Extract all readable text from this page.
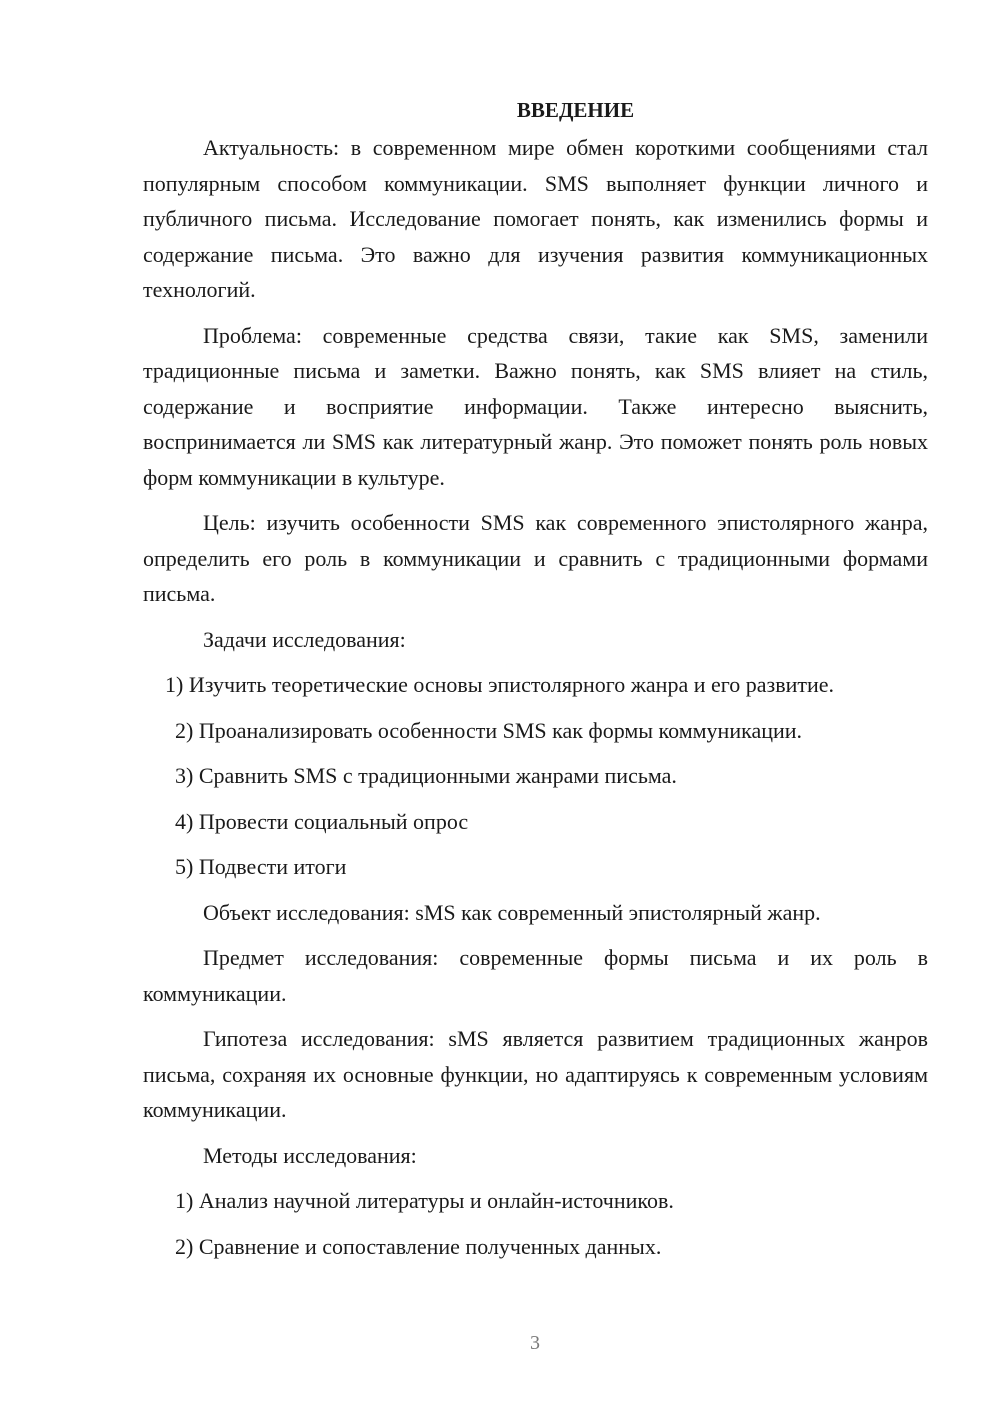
ВВЕДЕНИЕ

Актуальность: в современном мире обмен короткими сообщениями стал популярным способом коммуникации. SMS выполняет функции личного и публичного письма. Исследование помогает понять, как изменились формы и содержание письма. Это важно для изучения развития коммуникационных технологий.

Проблема: современные средства связи, такие как SMS, заменили традиционные письма и заметки. Важно понять, как SMS влияет на стиль, содержание и восприятие информации. Также интересно выяснить, воспринимается ли SMS как литературный жанр. Это поможет понять роль новых форм коммуникации в культуре.

Цель: изучить особенности SMS как современного эпистолярного жанра, определить его роль в коммуникации и сравнить с традиционными формами письма.

Задачи исследования:

1) Изучить теоретические основы эпистолярного жанра и его развитие.

2) Проанализировать особенности SMS как формы коммуникации.

3) Сравнить SMS с традиционными жанрами письма.

4) Провести социальный опрос

5) Подвести итоги

Объект исследования: sMS как современный эпистолярный жанр.

Предмет исследования: современные формы письма и их роль в коммуникации.

Гипотеза исследования: sMS является развитием традиционных жанров письма, сохраняя их основные функции, но адаптируясь к современным условиям коммуникации.

Методы исследования:

1) Анализ научной литературы и онлайн-источников.

2) Сравнение и сопоставление полученных данных.

3
